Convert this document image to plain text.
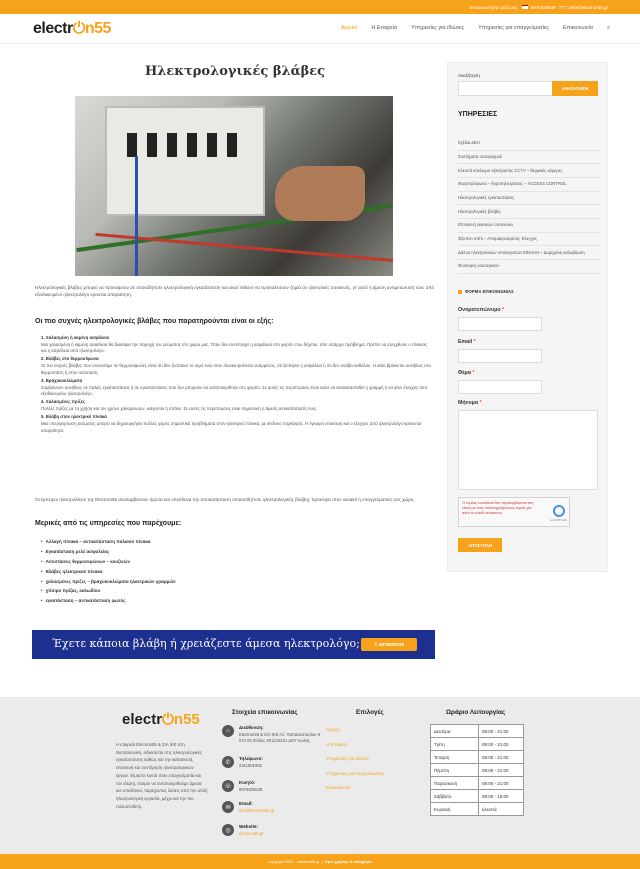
Επικοινωνήστε μαζί μας:	6976925538 777 | info@electron55.gr
electr⏻n55	Αρχική	Η Εταιρεία	Υπηρεσίες για ιδιώτες	Υπηρεσίες για επαγγελματίες	Επικοινωνία	⌕
Ηλεκτρολογικές βλάβες

Ηλεκτρολογικές βλάβες μπορεί να προκύψουν σε οποιαδήποτε ηλεκτρολογική εγκατάσταση και είναι πιθανό να προκαλέσουν ζημιά σε ηλεκτρικές συσκευές, γι' αυτό η άμεση αντιμετώπισή τους από εξειδικευμένο ηλεκτρολόγο κρίνεται απαραίτητη.

Οι πιο συχνές ηλεκτρολογικές βλάβες που παρατηρούνται είναι οι εξής:
1. Χαλασμένη ή καμένη ασφάλεια
Μια χαλασμένη ή καμένη ασφάλεια θα διακόψει την παροχή του ρεύματος στο χώρο μας. Όταν δεν αντιστοιχεί η ασφάλεια στο φορτίο που δέχεται, τότε υπάρχει πρόβλημα. Πρέπει να ελεγχθούν ο πίνακας και η ασφάλεια από ηλεκτρολόγο.
2. Βλάβες στο θερμοσίφωνα
Οι πιο συχνές βλάβες που συναντάμε σε θερμοσίφωνες είναι ότι δεν ζεσταίνει το νερό ενώ στον πίνακα φαίνεται αναμμένος, ότι ξεπέφτει η ασφάλεια ή ότι δεν ανάβει καθόλου. Η αιτία βρίσκεται συνήθως στο θερμοστάτη ή στην αντίσταση.
3. Βραχυκυκλώματα
Συμβαίνουν συνήθως σε παλιές εγκαταστάσεις ή σε εγκαταστάσεις που δεν μπορούν να ανταποκριθούν στο φορτίο. Σε αυτές τις περιπτώσεις είναι καλό να αντικατασταθεί η γραμμή ή να γίνει έλεγχος από εξειδικευμένο ηλεκτρολόγο.
4. Χαλασμένες πρίζες
Πολλές πρίζες με τη χρήση και τον χρόνο χαλαρώνουν, καίγονται ή σπάνε. Σε αυτές τις περιπτώσεις είναι σημαντική η άμεση αντικατάστασή τους.
5. Βλάβη στον ηλεκτρικό πίνακα
Μια υπερφόρτωση ρεύματος μπορεί να δημιουργήσει πολλές φορές σημαντικά προβλήματα στον ηλεκτρικό πίνακα, με κίνδυνο πυρκαγιάς. Η έγκαιρη επισκευή και ο έλεγχος από ηλεκτρολόγο κρίνονται απαραίτητα.

Οι έμπειροι ηλεκτρολόγοι της Electron55 αναλαμβάνουν άμεσα και υπεύθυνα την αποκατάσταση οποιασδήποτε ηλεκτρολογικής βλάβης προκύψει στον οικιακό ή επαγγελματικό σας χώρο.

Μερικές από τις υπηρεσίες που παρέχουμε:
• Αλλαγή πίνακα – αντικατάσταση παλαιού πίνακα
• Εγκατάσταση ρελέ ασφαλείας
• Αντιστάσεις θερμοσιφώνων – κουζινών
• Βλάβες ηλεκτρικού πίνακα
• χαλασμένες πρίζες – βραχυκυκλώματα ηλεκτρικών γραμμών
• χτίσιμο πρίζας, καλωδίου
• εγκατάσταση – αντικατάσταση φωτός
Έχετε κάποια βλάβη ή χρειάζεστε άμεσα ηλεκτρολόγο;	✆ 6976925538
Αναζήτηση
ΑΝΑΖΗΤΗΣΗ
ΥΠΗΡΕΣΙΕΣ
Σχέδια ΔΕΗ
Συστήματα συναγερμού
Κλειστό κύκλωμα τηλεόρασης CCTV – θερμικές κάμερες
Θυροτηλέφωνα – θυροτηλεοράσεις – ACCESS CONTROL
Ηλεκτρολογικές εγκαταστάσεις
Ηλεκτρολογικές βλάβες
Επισκευή οικιακών συσκευών
Έξυπνο σπίτι – Απομακρυσμένος Έλεγχος
Δίκτυα ηλεκτρονικών υπολογιστών Ethernet – Δομημένη καλωδίωση
Φωτισμός εσωτερικού
ΦΟΡΜΑ ΕΠΙΚΟΙΝΩΝΙΑΣ
Ονοματεπώνυμο *
Email *
Θέμα *
Μήνυμα *
Ο τομέας Localhost δεν περιλαμβάνεται στη λίστα με τους υποστηριζόμενους τομείς για αυτό το κλειδί ιστότοπου.
reCAPTCHA
ΑΠΟΣΤΟΛΗ
electr⏻n55

Η εταιρεία Electron55 & ΣΙΑ ΙΚΕ στη Θεσσαλονίκη, ειδικεύεται στις ηλεκτρολογικές εγκαταστάσεις καθώς και την κατασκευή, επισκευή και συντήρηση ηλεκτρολογικών έργων. Είμαστε κοντά στον επαγγελματία και τον ιδιώτη, έτοιμοι να ανταποκριθούμε άμεσα και υπεύθυνα, παρέχοντας λύσεις από την απλή ηλεκτρολογική εργασία, μέχρι και την πιο πολυσύνθετη.

Στοιχεία επικοινωνίας
⌂
Διεύθυνση:
Electron55 & ΣΙΑ ΙΚΕ Αλ. Παπαναστασίου 9 574 00 Σίνδος 801218221 ΔΟΥ Ιωνίας
✆
Τηλέφωνο:
2311801902
☏
Κινητό:
6976925538
✉
Email:
info@electron55.gr
◎
Website:
electron55.gr
Επιλογές
Αρχική
Η Εταιρεία
Υπηρεσίες για ιδιώτες
Υπηρεσίες για επαγγελματίες
Επικοινωνία
Ωράριο Λειτουργίας
Δευτέρα	08:00 - 21:00
Τρίτη	08:00 - 21:00
Τετάρτη	08:00 - 21:00
Πέμπτη	08:00 - 21:00
Παρασκευή	08:00 - 21:00
Σάββατο	08:00 - 15:00
Κυριακή	κλειστά
copyright 2022 – electron55.gr | Όροι χρήσης & απόρρητο
